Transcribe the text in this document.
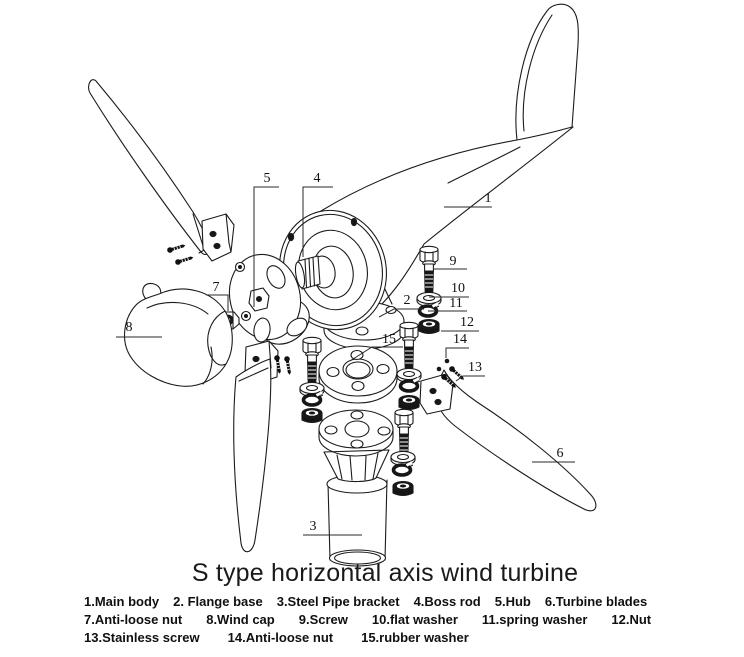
1
2
3
4
5
6
7
8
9
10
11
12
13
14
15
S type horizontal axis wind turbine
1.Main body 2. Flange base 3.Steel Pipe bracket 4.Boss rod 5.Hub 6.Turbine blades
7.Anti-loose nut 8.Wind cap 9.Screw 10.flat washer 11.spring washer 12.Nut
13.Stainless screw 14.Anti-loose nut 15.rubber washer
